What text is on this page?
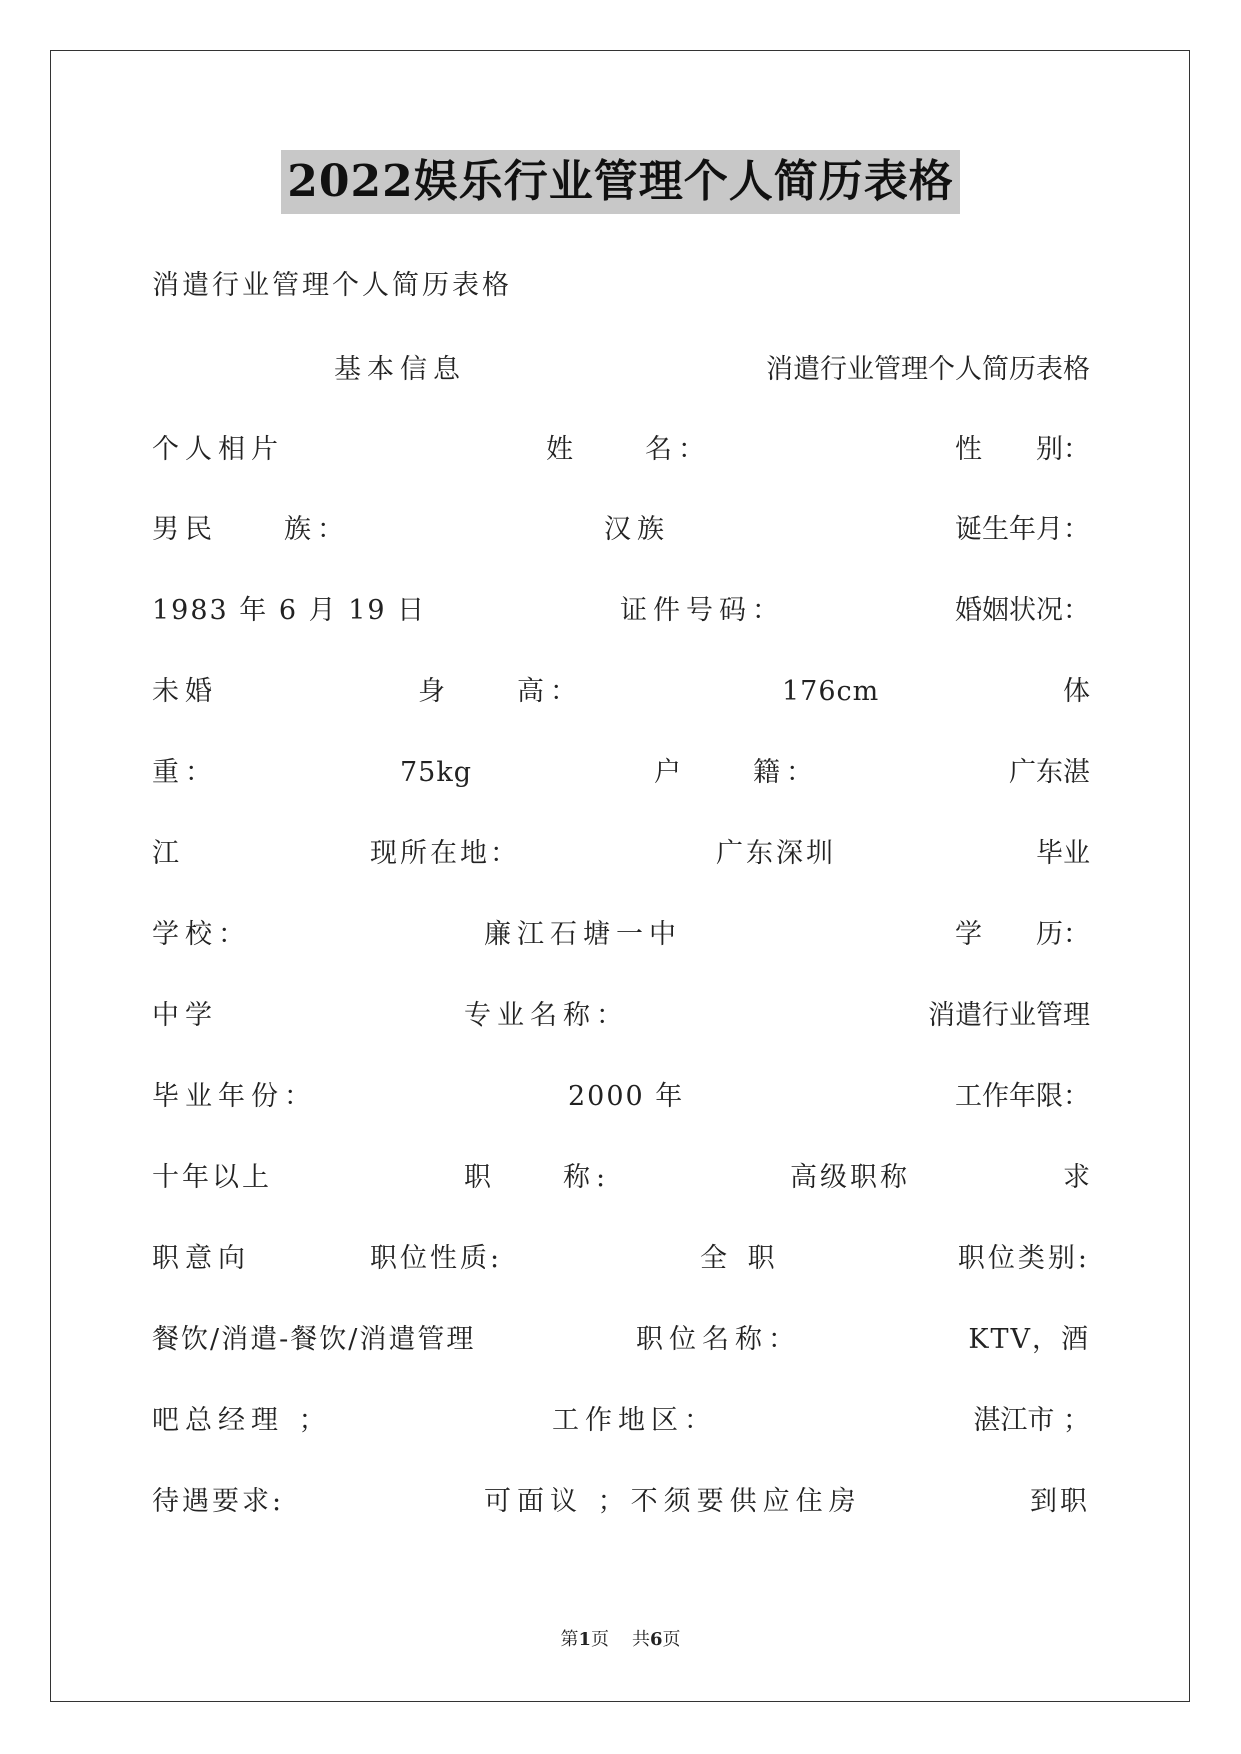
2022娱乐行业管理个人简历表格
消遣行业管理个人简历表格
基本信息	消遣行业管理个人简历表格
个人相片	姓　　名：	性　　别：
男民　　族：	汉族	诞生年月：
1983 年 6 月 19 日	证件号码：	婚姻状况：
未婚	身　　高：	176cm	体
重：	75kg	户　　籍：	广东湛
江	现所在地：	广东深圳	毕业
学校：	廉江石塘一中	学　　历：
中学	专业名称：	消遣行业管理
毕业年份：	2000 年	工作年限：
十年以上	职　　称:	高级职称	求
职意向	职位性质:	全 职	职位类别:
餐饮/消遣-餐饮/消遣管理	职位名称：	KTV，酒
吧总经理 ；	工作地区：	湛江市 ；
待遇要求:	可面议 ；不须要供应住房	到职
第1页 共6页
